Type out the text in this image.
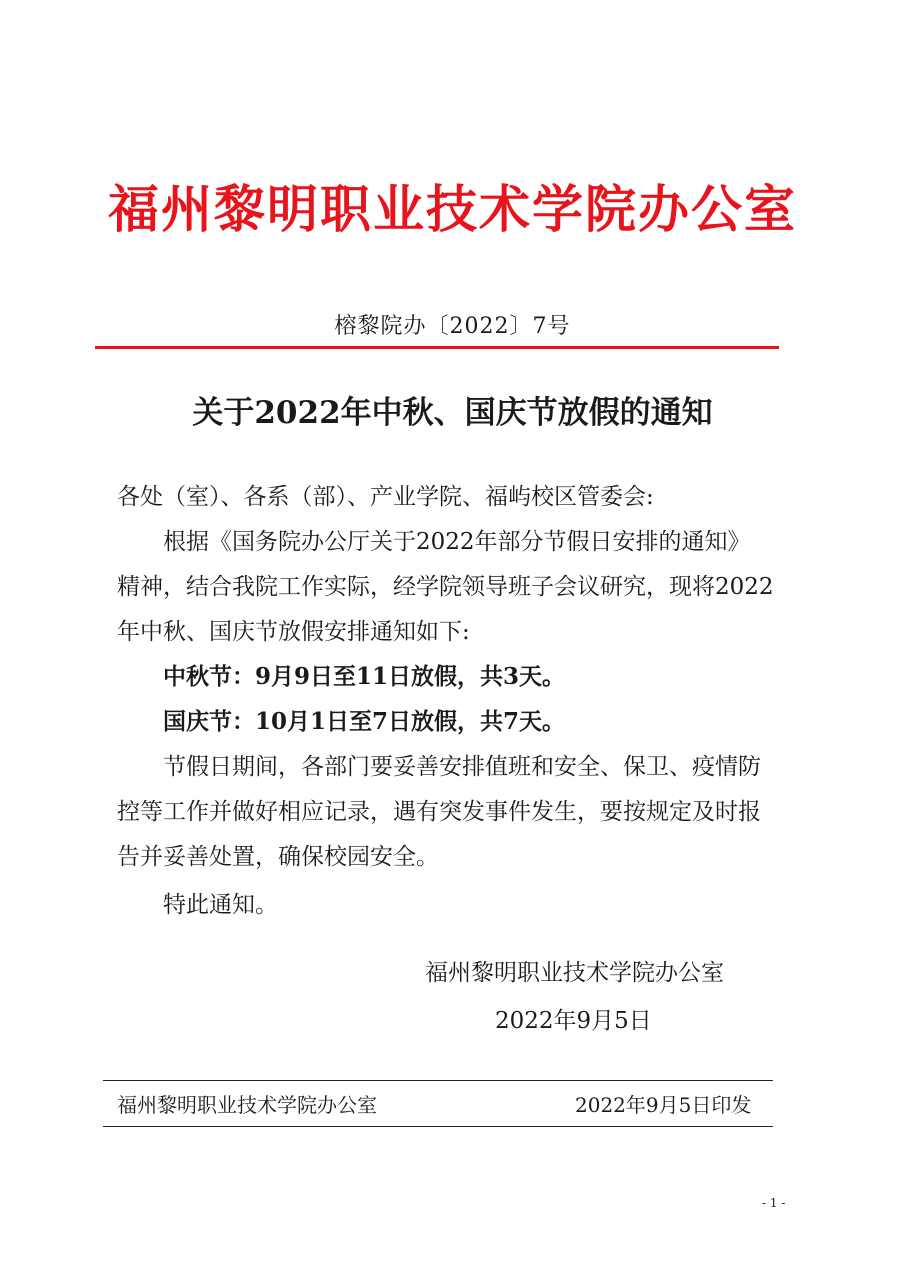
福州黎明职业技术学院办公室
榕黎院办〔2022〕7号
关于2022年中秋、国庆节放假的通知
各处（室）、各系（部）、产业学院、福屿校区管委会:
根据《国务院办公厅关于2022年部分节假日安排的通知》
精神，结合我院工作实际，经学院领导班子会议研究，现将2022
年中秋、国庆节放假安排通知如下:
中秋节：9月9日至11日放假，共3天。
国庆节：10月1日至7日放假，共7天。
节假日期间，各部门要妥善安排值班和安全、保卫、疫情防
控等工作并做好相应记录，遇有突发事件发生，要按规定及时报
告并妥善处置，确保校园安全。
特此通知。
福州黎明职业技术学院办公室
2022年9月5日
福州黎明职业技术学院办公室	2022年9月5日印发
- 1 -
